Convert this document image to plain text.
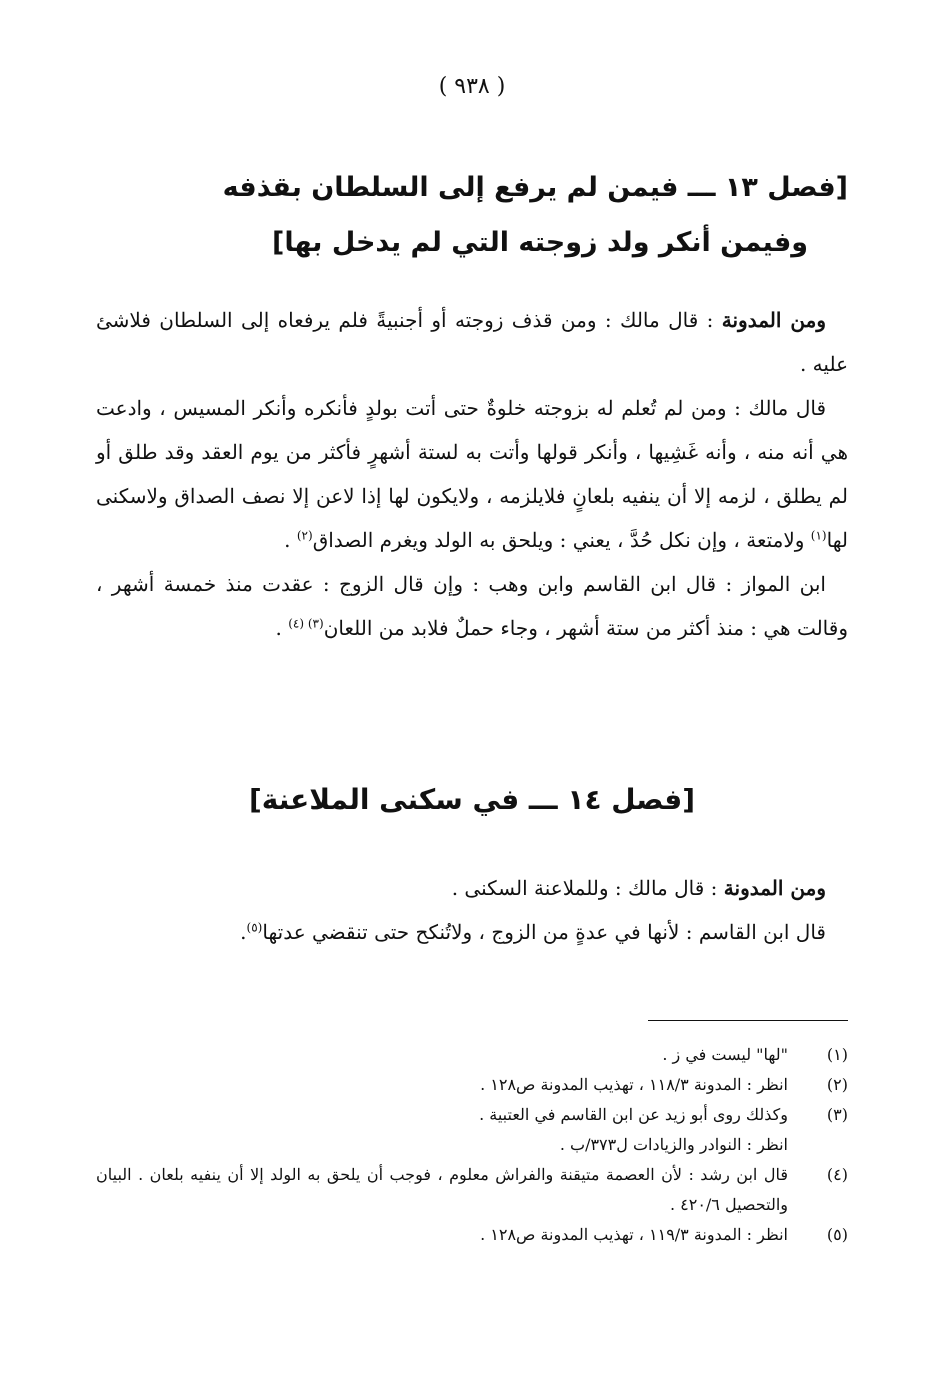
( ٩٣٨ )
[فصل ١٣ ـــ فيمن لم يرفع إلى السلطان بقذفه
وفيمن أنكر ولد زوجته التي لم يدخل بها]

ومن المدونة : قال مالك : ومن قذف زوجته أو أجنبيةً فلم يرفعاه إلى السلطان فلاشئ عليه .

قال مالك : ومن لم تُعلم له بزوجته خلوةٌ حتى أتت بولدٍ فأنكره وأنكر المسيس ، وادعت هي أنه منه ، وأنه غَشِيها ، وأنكر قولها وأتت به لستة أشهرٍ فأكثر من يوم العقد وقد طلق أو لم يطلق ، لزمه إلا أن ينفيه بلعانٍ فلايلزمه ، ولايكون لها إذا لاعن إلا نصف الصداق ولاسكنى لها$^{(١)}$ ولامتعة ، وإن نكل حُدَّ ، يعني : ويلحق به الولد ويغرم الصداق$^{(٢)}$ .

ابن المواز : قال ابن القاسم وابن وهب : وإن قال الزوج : عقدت منذ خمسة أشهر ، وقالت هي : منذ أكثر من ستة أشهر ، وجاء حملٌ فلابد من اللعان$^{(٣) (٤)}$ .

[فصل ١٤ ـــ في سكنى الملاعنة]

ومن المدونة : قال مالك : وللملاعنة السكنى .

قال ابن القاسم : لأنها في عدةٍ من الزوج ، ولاتُنكح حتى تنقضي عدتها$^{(٥)}$.

(١)
"لها" ليست في ز .
(٢)
انظر : المدونة ١١٨/٣ ، تهذيب المدونة ص١٢٨ .
(٣)
وكذلك روى أبو زيد عن ابن القاسم في العتبية .
انظر : النوادر والزيادات ل٣٧٣/ب .
(٤)
قال ابن رشد : لأن العصمة متيقنة والفراش معلوم ، فوجب أن يلحق به الولد إلا أن ينفيه بلعان . البيان والتحصيل ٤٢٠/٦ .
(٥)
انظر : المدونة ١١٩/٣ ، تهذيب المدونة ص١٢٨ .
